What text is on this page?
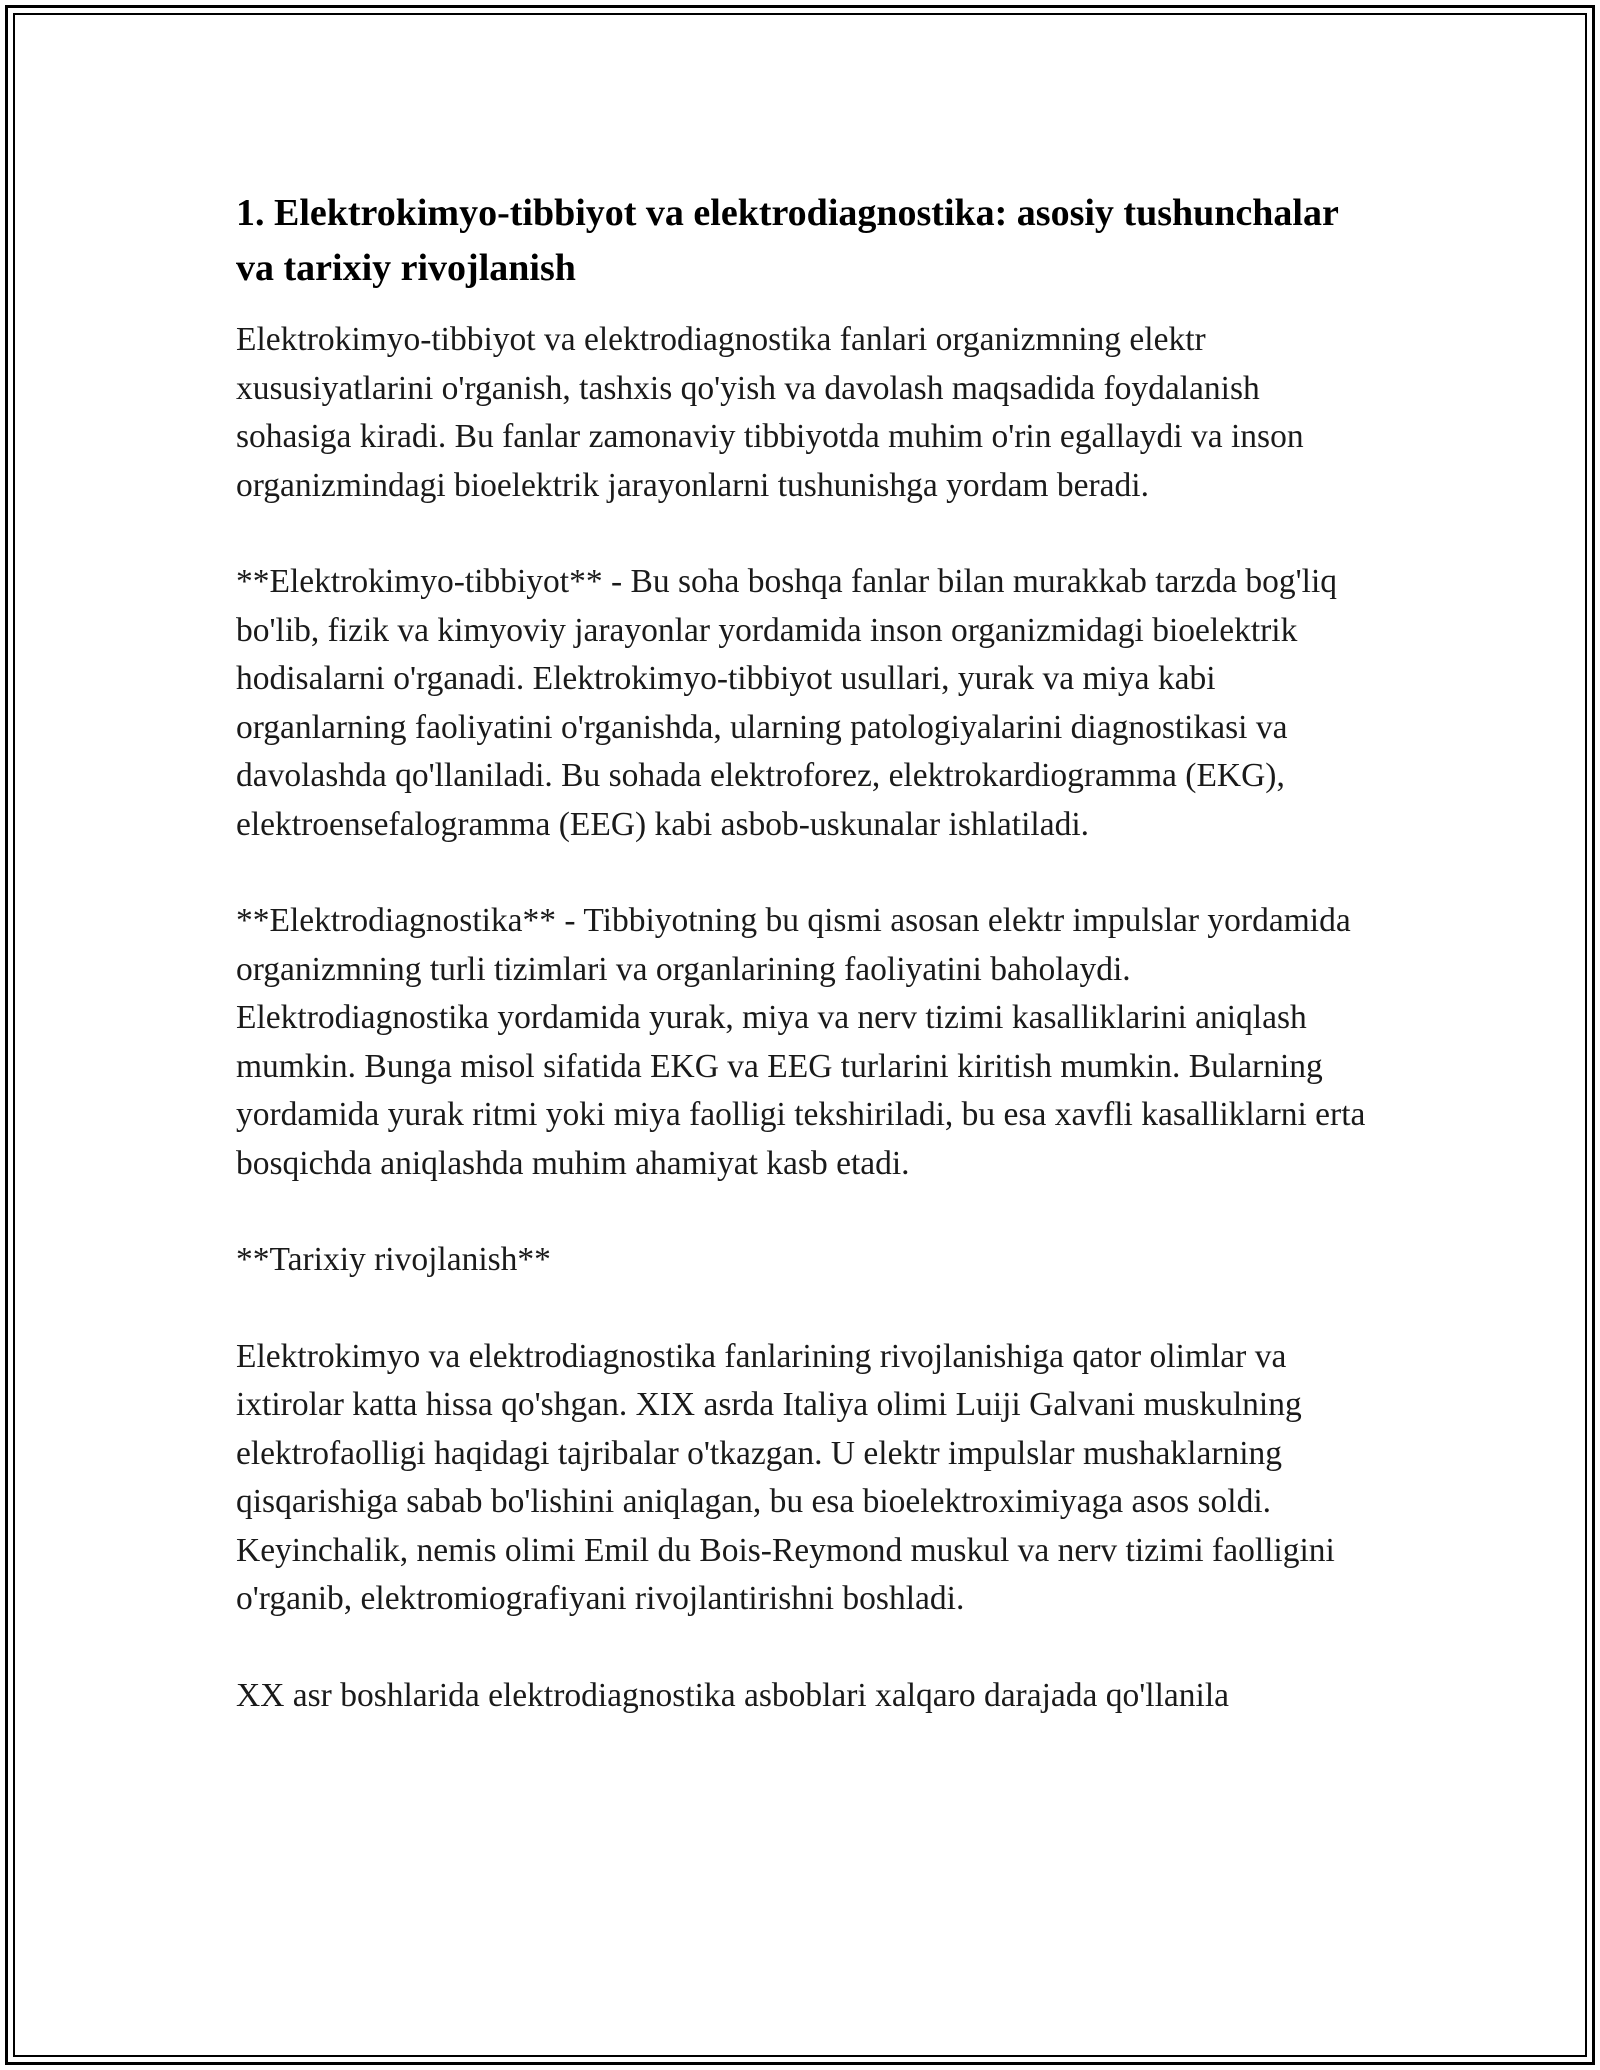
1. Elektrokimyo-tibbiyot va elektrodiagnostika: asosiy tushunchalar va tarixiy rivojlanish

Elektrokimyo-tibbiyot va elektrodiagnostika fanlari organizmning elektr xususiyatlarini o'rganish, tashxis qo'yish va davolash maqsadida foydalanish sohasiga kiradi. Bu fanlar zamonaviy tibbiyotda muhim o'rin egallaydi va inson organizmindagi bioelektrik jarayonlarni tushunishga yordam beradi.

**Elektrokimyo-tibbiyot** - Bu soha boshqa fanlar bilan murakkab tarzda bog'liq bo'lib, fizik va kimyoviy jarayonlar yordamida inson organizmidagi bioelektrik hodisalarni o'rganadi. Elektrokimyo-tibbiyot usullari, yurak va miya kabi organlarning faoliyatini o'rganishda, ularning patologiyalarini diagnostikasi va davolashda qo'llaniladi. Bu sohada elektroforez, elektrokardiogramma (EKG), elektroensefalogramma (EEG) kabi asbob-uskunalar ishlatiladi.

**Elektrodiagnostika** - Tibbiyotning bu qismi asosan elektr impulslar yordamida organizmning turli tizimlari va organlarining faoliyatini baholaydi. Elektrodiagnostika yordamida yurak, miya va nerv tizimi kasalliklarini aniqlash mumkin. Bunga misol sifatida EKG va EEG turlarini kiritish mumkin. Bularning yordamida yurak ritmi yoki miya faolligi tekshiriladi, bu esa xavfli kasalliklarni erta bosqichda aniqlashda muhim ahamiyat kasb etadi.

**Tarixiy rivojlanish**

Elektrokimyo va elektrodiagnostika fanlarining rivojlanishiga qator olimlar va ixtirolar katta hissa qo'shgan. XIX asrda Italiya olimi Luiji Galvani muskulning elektrofaolligi haqidagi tajribalar o'tkazgan. U elektr impulslar mushaklarning qisqarishiga sabab bo'lishini aniqlagan, bu esa bioelektroximiyaga asos soldi. Keyinchalik, nemis olimi Emil du Bois-Reymond muskul va nerv tizimi faolligini o'rganib, elektromiografiyani rivojlantirishni boshladi.

XX asr boshlarida elektrodiagnostika asboblari xalqaro darajada qo'llanila
